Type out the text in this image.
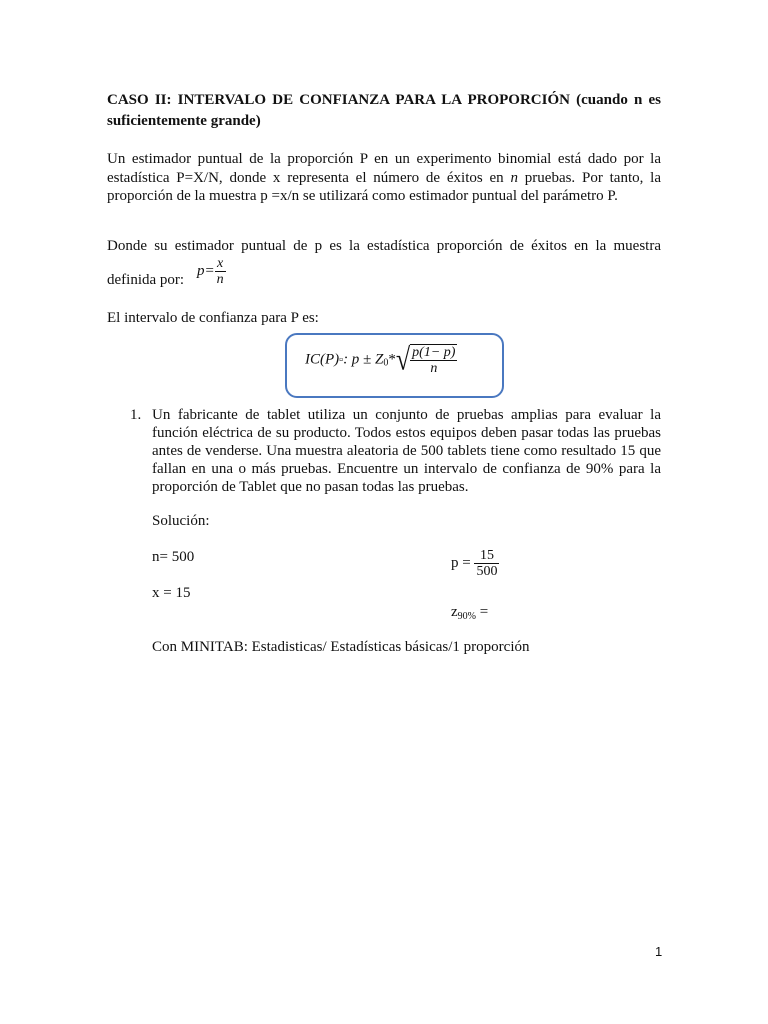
CASO II: INTERVALO DE CONFIANZA PARA LA PROPORCIÓN (cuando n es
suficientemente grande)
Un estimador puntual de la proporción P en un experimento binomial está dado por la
estadística P=X/N, donde x representa el número de éxitos en n pruebas. Por tanto, la
proporción de la muestra p =x/n se utilizará como estimador puntual del parámetro P.
Donde su estimador puntual de p es la estadística proporción de éxitos en la muestra
definida por:
$p= \frac{x}{n}$
El intervalo de confianza para P es:
IC(P)▫: $p \pm Z_0*√ \frac{p(1- p)}{n}$
1. Un fabricante de tablet utiliza un conjunto de pruebas amplias para evaluar la
función eléctrica de su producto. Todos estos equipos deben pasar todas las pruebas
antes de venderse. Una muestra aleatoria de 500 tablets tiene como resultado 15 que
fallan en una o más pruebas. Encuentre un intervalo de confianza de 90% para la
proporción de Tablet que no pasan todas las pruebas.
Solución:
n= 500
x = 15
$p = \frac{15}{500}$
$z_{90\%}$ =
Con MINITAB: Estadisticas/ Estadísticas básicas/1 proporción
1
